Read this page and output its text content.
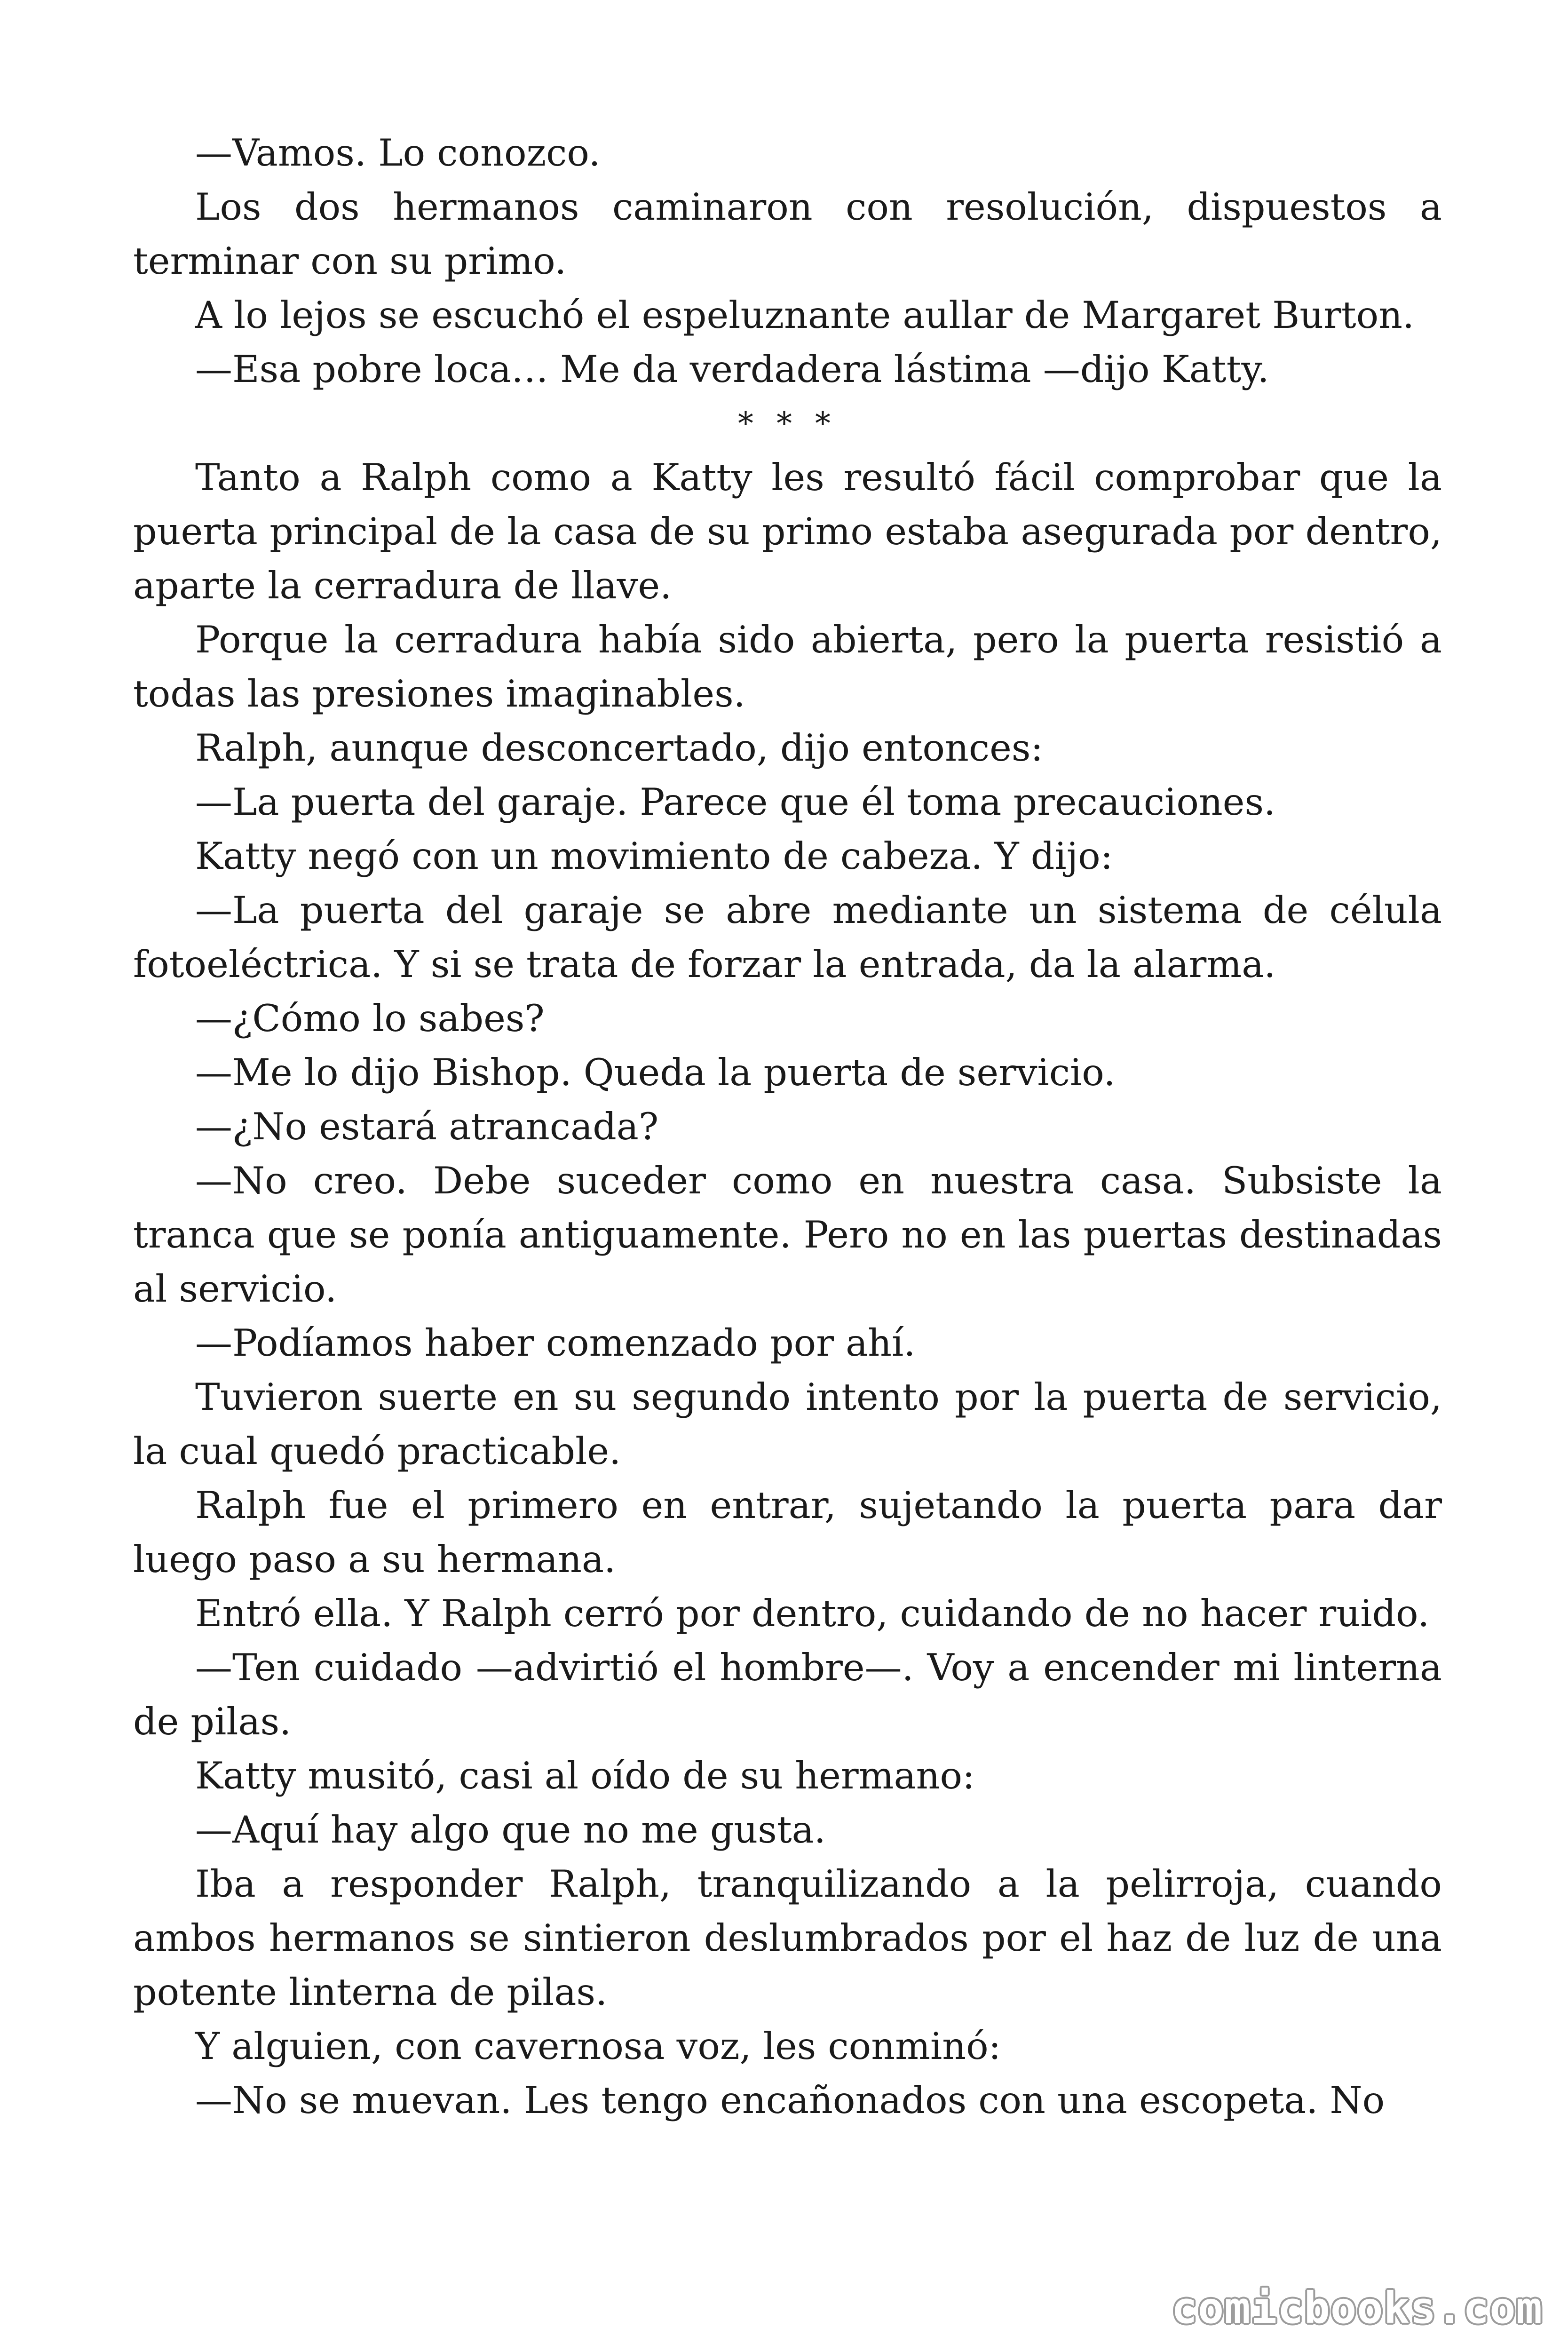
—Vamos. Lo conozco.

Los dos hermanos caminaron con resolución, dispuestos a terminar con su primo.

A lo lejos se escuchó el espeluznante aullar de Margaret Burton.

—Esa pobre loca… Me da verdadera lástima —dijo Katty.

* * *

Tanto a Ralph como a Katty les resultó fácil comprobar que la puerta principal de la casa de su primo estaba asegurada por dentro, aparte la cerradura de llave.

Porque la cerradura había sido abierta, pero la puerta resistió a todas las presiones imaginables.

Ralph, aunque desconcertado, dijo entonces:

—La puerta del garaje. Parece que él toma precauciones.

Katty negó con un movimiento de cabeza. Y dijo:

—La puerta del garaje se abre mediante un sistema de célula fotoeléctrica. Y si se trata de forzar la entrada, da la alarma.

—¿Cómo lo sabes?

—Me lo dijo Bishop. Queda la puerta de servicio.

—¿No estará atrancada?

—No creo. Debe suceder como en nuestra casa. Subsiste la tranca que se ponía antiguamente. Pero no en las puertas destinadas al servicio.

—Podíamos haber comenzado por ahí.

Tuvieron suerte en su segundo intento por la puerta de servicio, la cual quedó practicable.

Ralph fue el primero en entrar, sujetando la puerta para dar luego paso a su hermana.

Entró ella. Y Ralph cerró por dentro, cuidando de no hacer ruido.

—Ten cuidado —advirtió el hombre—. Voy a encender mi linterna de pilas.

Katty musitó, casi al oído de su hermano:

—Aquí hay algo que no me gusta.

Iba a responder Ralph, tranquilizando a la pelirroja, cuando ambos hermanos se sintieron deslumbrados por el haz de luz de una potente linterna de pilas.

Y alguien, con cavernosa voz, les conminó:

—No se muevan. Les tengo encañonados con una escopeta. No

comicbooks.com
